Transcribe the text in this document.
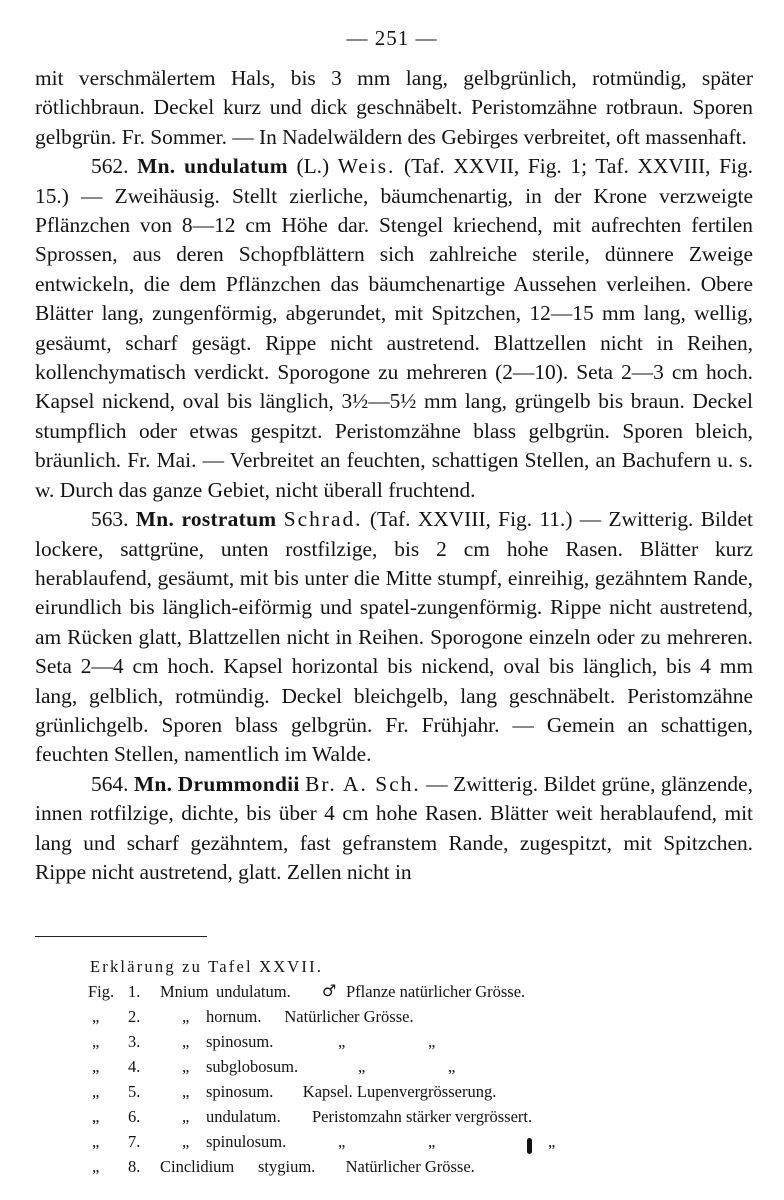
— 251 —

mit verschmälertem Hals, bis 3 mm lang, gelbgrünlich, rotmündig, später rötlichbraun. Deckel kurz und dick geschnäbelt. Peristomzähne rotbraun. Sporen gelbgrün. Fr. Sommer. — In Nadelwäldern des Gebirges verbreitet, oft massenhaft.

562. Mn. undulatum (L.) Weis. (Taf. XXVII, Fig. 1; Taf. XXVIII, Fig. 15.) — Zweihäusig. Stellt zierliche, bäumchenartig, in der Krone verzweigte Pflänzchen von 8—12 cm Höhe dar. Stengel kriechend, mit aufrechten fertilen Sprossen, aus deren Schopfblättern sich zahlreiche sterile, dünnere Zweige entwickeln, die dem Pflänzchen das bäumchenartige Aussehen verleihen. Obere Blätter lang, zungenförmig, abgerundet, mit Spitzchen, 12—15 mm lang, wellig, gesäumt, scharf gesägt. Rippe nicht austretend. Blattzellen nicht in Reihen, kollenchymatisch verdickt. Sporogone zu mehreren (2—10). Seta 2—3 cm hoch. Kapsel nickend, oval bis länglich, 3½—5½ mm lang, grüngelb bis braun. Deckel stumpflich oder etwas gespitzt. Peristomzähne blass gelbgrün. Sporen bleich, bräunlich. Fr. Mai. — Verbreitet an feuchten, schattigen Stellen, an Bachufern u. s. w. Durch das ganze Gebiet, nicht überall fruchtend.

563. Mn. rostratum Schrad. (Taf. XXVIII, Fig. 11.) — Zwitterig. Bildet lockere, sattgrüne, unten rostfilzige, bis 2 cm hohe Rasen. Blätter kurz herablaufend, gesäumt, mit bis unter die Mitte stumpf, einreihig, gezähntem Rande, eirundlich bis länglich-eiförmig und spatel-zungenförmig. Rippe nicht austretend, am Rücken glatt, Blattzellen nicht in Reihen. Sporogone einzeln oder zu mehreren. Seta 2—4 cm hoch. Kapsel horizontal bis nickend, oval bis länglich, bis 4 mm lang, gelblich, rotmündig. Deckel bleichgelb, lang geschnäbelt. Peristomzähne grünlichgelb. Sporen blass gelbgrün. Fr. Frühjahr. — Gemein an schattigen, feuchten Stellen, namentlich im Walde.

564. Mn. Drummondii Br. A. Sch. — Zwitterig. Bildet grüne, glänzende, innen rotfilzige, dichte, bis über 4 cm hohe Rasen. Blätter weit herablaufend, mit lang und scharf gezähntem, fast gefranstem Rande, zugespitzt, mit Spitzchen. Rippe nicht austretend, glatt. Zellen nicht in

Erklärung zu Tafel XXVII.
Fig. 1.	Mnium undulatum. ♂ Pflanze natürlicher Grösse.
„	2.	„ hornum. Natürlicher Grösse.
„	3.	„ spinosum.	„	„
„	4.	„ subglobosum.	„	„
„	5.	„ spinosum. Kapsel. Lupenvergrösserung.
„	6.	„ undulatum. Peristomzahn stärker vergrössert.
„	7.	„ spinulosum.	„	„	„
„	8.	Cinclidium stygium. Natürlicher Grösse.
